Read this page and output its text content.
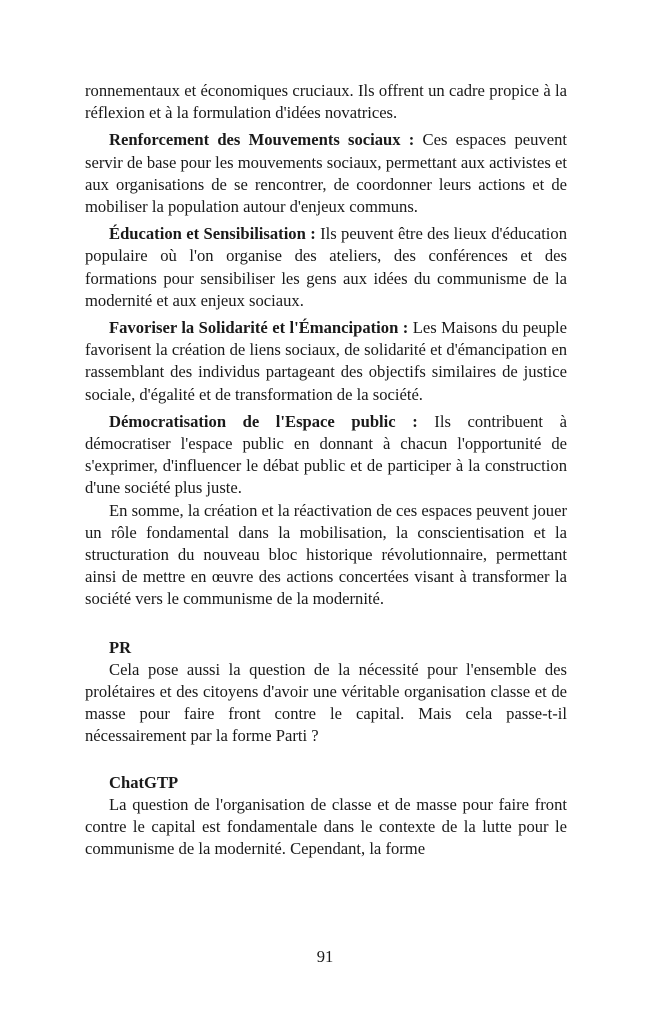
ronnementaux et économiques cruciaux. Ils offrent un cadre propice à la réflexion et à la formulation d'idées novatrices.

Renforcement des Mouvements sociaux : Ces espaces peuvent servir de base pour les mouvements sociaux, permettant aux activistes et aux organisations de se rencontrer, de coordonner leurs actions et de mobiliser la population autour d'enjeux communs.

Éducation et Sensibilisation : Ils peuvent être des lieux d'éducation populaire où l'on organise des ateliers, des conférences et des formations pour sensibiliser les gens aux idées du communisme de la modernité et aux enjeux sociaux.

Favoriser la Solidarité et l'Émancipation : Les Maisons du peuple favorisent la création de liens sociaux, de solidarité et d'émancipation en rassemblant des individus partageant des objectifs similaires de justice sociale, d'égalité et de transformation de la société.

Démocratisation de l'Espace public : Ils contribuent à démocratiser l'espace public en donnant à chacun l'opportunité de s'exprimer, d'influencer le débat public et de participer à la construction d'une société plus juste.

En somme, la création et la réactivation de ces espaces peuvent jouer un rôle fondamental dans la mobilisation, la conscientisation et la structuration du nouveau bloc historique révolutionnaire, permettant ainsi de mettre en œuvre des actions concertées visant à transformer la société vers le communisme de la modernité.

PR

Cela pose aussi la question de la nécessité pour l'ensemble des prolétaires et des citoyens d'avoir une véritable organisation classe et de masse pour faire front contre le capital. Mais cela passe-t-il nécessairement par la forme Parti ?

ChatGTP

La question de l'organisation de classe et de masse pour faire front contre le capital est fondamentale dans le contexte de la lutte pour le communisme de la modernité. Cependant, la forme

91
